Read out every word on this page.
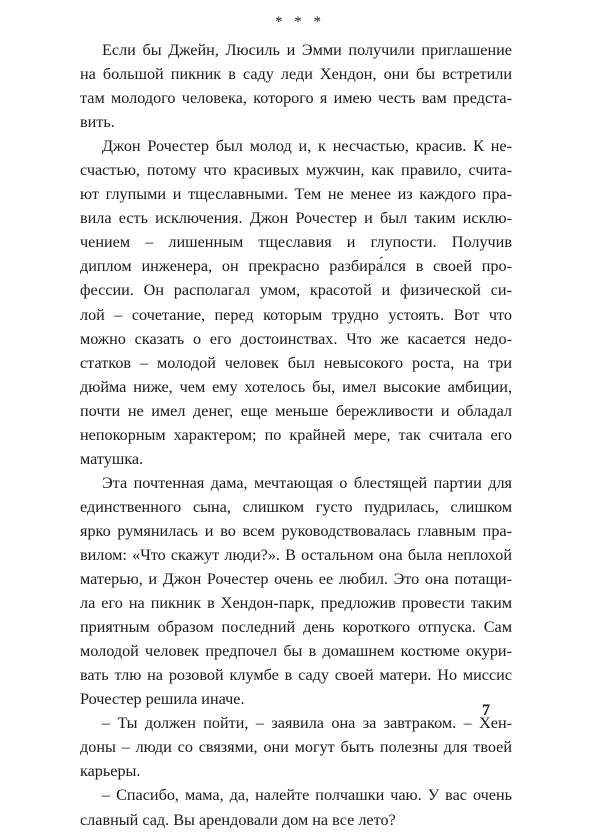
* * *

Если бы Джейн, Люсиль и Эмми получили приглашение
на большой пикник в саду леди Хендон, они бы встретили
там молодого человека, которого я имею честь вам предста-
вить.

Джон Рочестер был молод и, к несчастью, красив. К не-
счастью, потому что красивых мужчин, как правило, счита-
ют глупыми и тщеславными. Тем не менее из каждого пра-
вила есть исключения. Джон Рочестер и был таким исклю-
чением – лишенным тщеславия и глупости. Получив
диплом инженера, он прекрасно разбира́лся в своей про-
фессии. Он располагал умом, красотой и физической си-
лой – сочетание, перед которым трудно устоять. Вот что
можно сказать о его достоинствах. Что же касается недо-
статков – молодой человек был невысокого роста, на три
дюйма ниже, чем ему хотелось бы, имел высокие амбиции,
почти не имел денег, еще меньше бережливости и обладал
непокорным характером; по крайней мере, так считала его
матушка.

Эта почтенная дама, мечтающая о блестящей партии для
единственного сына, слишком густо пудрилась, слишком
ярко румянилась и во всем руководствовалась главным пра-
вилом: «Что скажут люди?». В остальном она была неплохой
матерью, и Джон Рочестер очень ее любил. Это она потащи-
ла его на пикник в Хендон-парк, предложив провести таким
приятным образом последний день короткого отпуска. Сам
молодой человек предпочел бы в домашнем костюме окури-
вать тлю на розовой клумбе в саду своей матери. Но миссис
Рочестер решила иначе.

– Ты должен пойти, – заявила она за завтраком. – Хен-
доны – люди со связями, они могут быть полезны для твоей
карьеры.

– Спасибо, мама, да, налейте полчашки чаю. У вас очень
славный сад. Вы арендовали дом на все лето?

7
